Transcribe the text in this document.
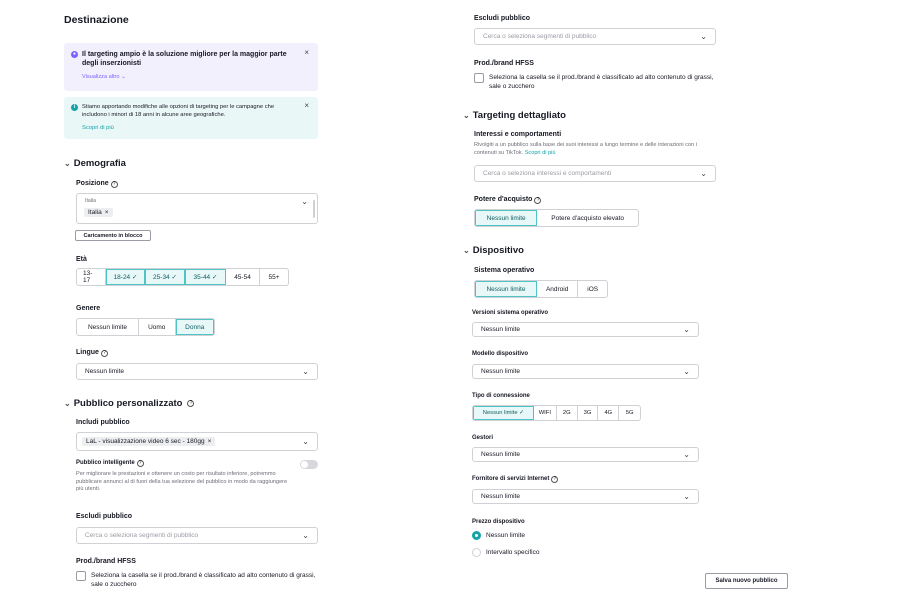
Destinazione
● Il targeting ampio è la soluzione migliore per la maggior parte degli inserzionisti
Visualizza altro ⌄
×
i	Stiamo apportando modifiche alle opzioni di targeting per le campagne che includono i minori di 18 anni in alcune aree geografiche.
Scopri di più
×
⌄ Demografia
Posizione ?
Italia
Italia ×
⌄
Caricamento in blocco
Età
13-17	18-24 ✓	25-34 ✓	35-44 ✓	45-54	55+
Genere
Nessun limite	Uomo	Donna
Lingue ?
Nessun limite	⌄
⌄ Pubblico personalizzato	?
Includi pubblico
LaL - visualizzazione video 6 sec - 180gg ×	⌄
Pubblico intelligente ?
Per migliorare le prestazioni e ottenere un costo per risultato inferiore, potremmo pubblicare annunci al di fuori della tua selezione del pubblico in modo da raggiungere più utenti.
Escludi pubblico
Cerca o seleziona segmenti di pubblico	⌄
Prod./brand HFSS
Seleziona la casella se il prod./brand è classificato ad alto contenuto di grassi, sale o zucchero
Escludi pubblico
Cerca o seleziona segmenti di pubblico	⌄
Prod./brand HFSS
Seleziona la casella se il prod./brand è classificato ad alto contenuto di grassi, sale o zucchero
⌄ Targeting dettagliato
Interessi e comportamenti
Rivolgiti a un pubblico sulla base dei suoi interessi a lungo termine e delle interazioni con i contenuti su TikTok. Scopri di più
Cerca o seleziona interessi e comportamenti	⌄
Potere d'acquisto ?
Nessun limite	Potere d'acquisto elevato
⌄ Dispositivo
Sistema operativo
Nessun limite	Android	iOS
Versioni sistema operativo
Nessun limite	⌄
Modello dispositivo
Nessun limite	⌄
Tipo di connessione
Nessun limite ✓	WIFI	2G	3G	4G	5G
Gestori
Nessun limite	⌄
Fornitore di servizi Internet ?
Nessun limite	⌄
Prezzo dispositivo
Nessun limite
Intervallo specifico
Salva nuovo pubblico
